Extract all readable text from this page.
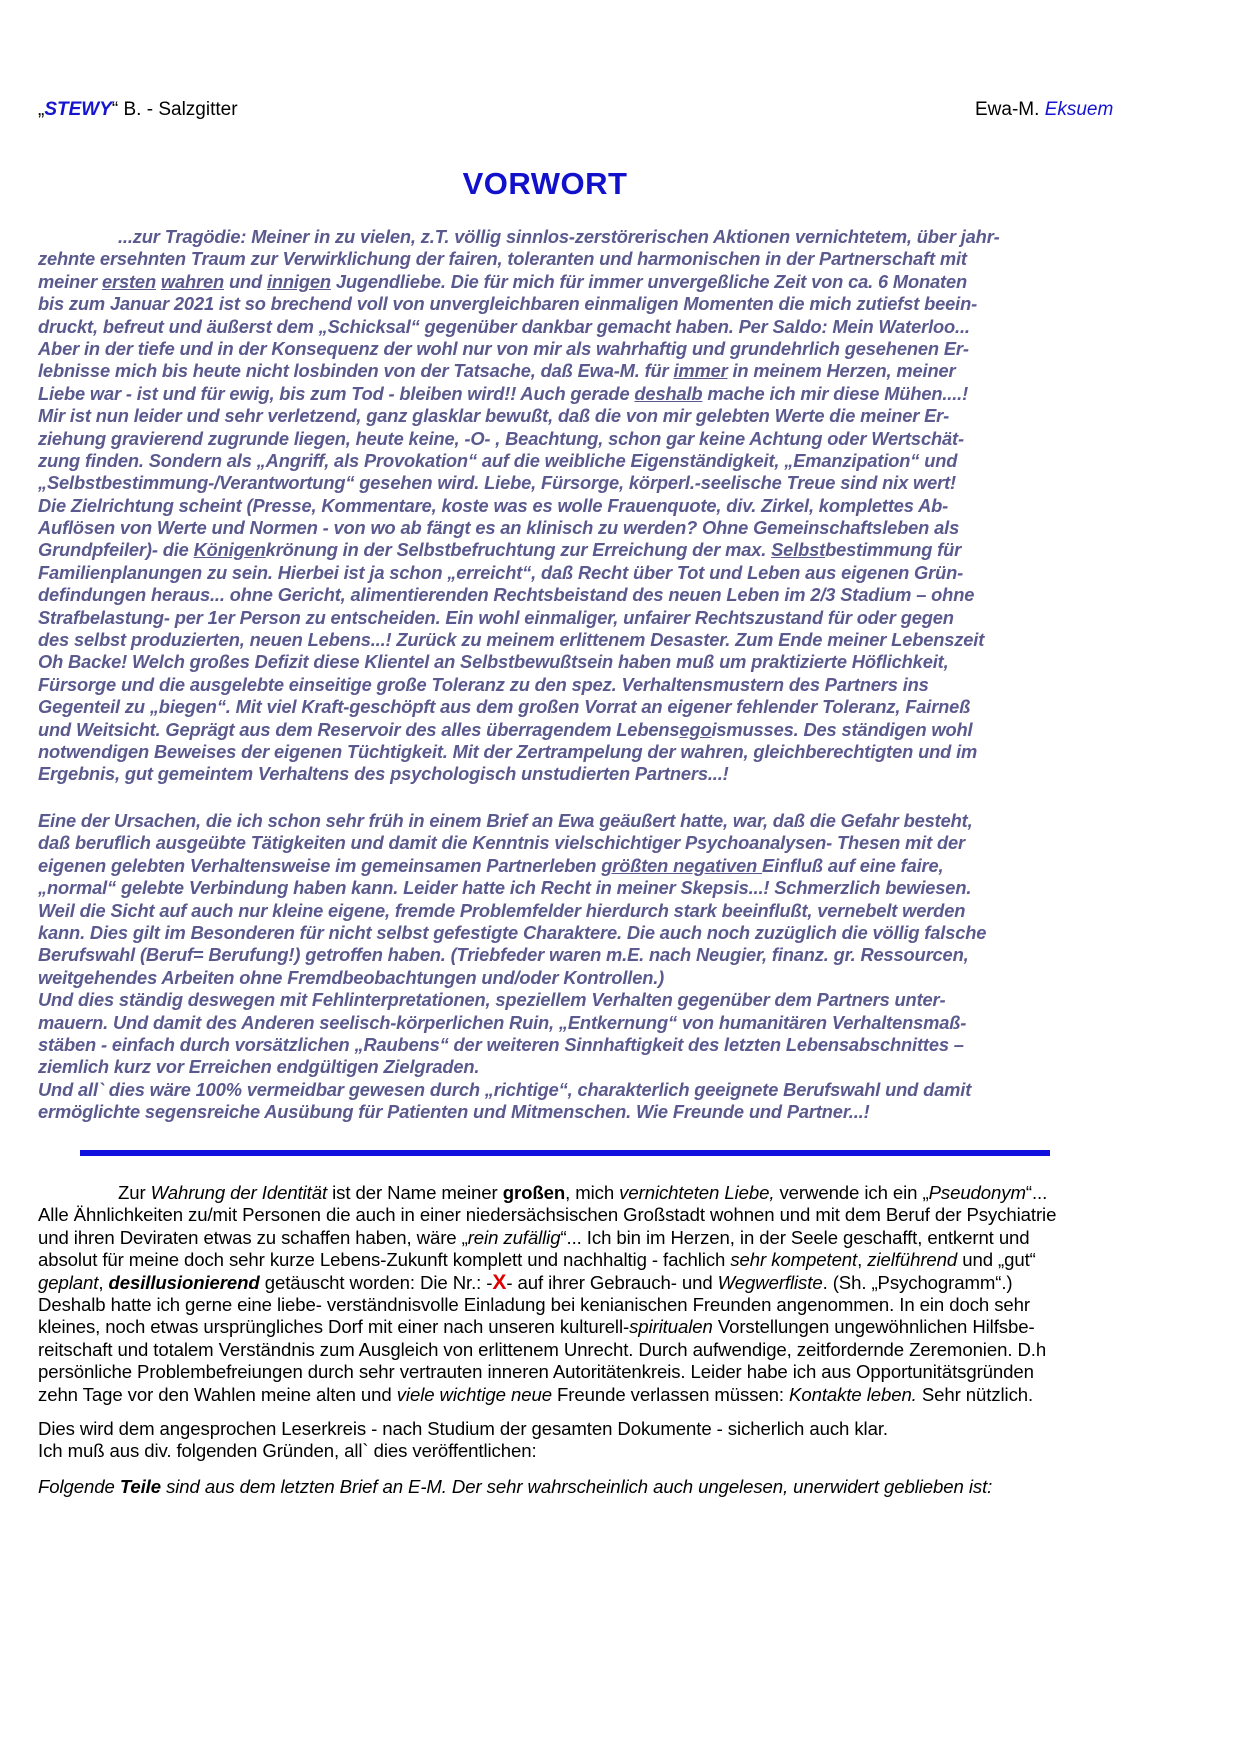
„STEWY“ B. - Salzgitter	Ewa-M. Eksuem
VORWORT
...zur Tragödie: Meiner in zu vielen, z.T. völlig sinnlos-zerstörerischen Aktionen vernichtetem, über jahr-
zehnte ersehnten Traum zur Verwirklichung der fairen, toleranten und harmonischen in der Partnerschaft mit
meiner ersten wahren und innigen Jugendliebe. Die für mich für immer unvergeßliche Zeit von ca. 6 Monaten
bis zum Januar 2021 ist so brechend voll von unvergleichbaren einmaligen Momenten die mich zutiefst beein-
druckt, befreut und äußerst dem „Schicksal“ gegenüber dankbar gemacht haben. Per Saldo: Mein Waterloo...
Aber in der tiefe und in der Konsequenz der wohl nur von mir als wahrhaftig und grundehrlich gesehenen Er-
lebnisse mich bis heute nicht losbinden von der Tatsache, daß Ewa-M. für immer in meinem Herzen, meiner
Liebe war - ist und für ewig, bis zum Tod - bleiben wird!! Auch gerade deshalb mache ich mir diese Mühen....!
Mir ist nun leider und sehr verletzend, ganz glasklar bewußt, daß die von mir gelebten Werte die meiner Er-
ziehung gravierend zugrunde liegen, heute keine, -O- , Beachtung, schon gar keine Achtung oder Wertschät-
zung finden. Sondern als „Angriff, als Provokation“ auf die weibliche Eigenständigkeit, „Emanzipation“ und
„Selbstbestimmung-/Verantwortung“ gesehen wird. Liebe, Fürsorge, körperl.-seelische Treue sind nix wert!
Die Zielrichtung scheint (Presse, Kommentare, koste was es wolle Frauenquote, div. Zirkel, komplettes Ab-
Auflösen von Werte und Normen - von wo ab fängt es an klinisch zu werden? Ohne Gemeinschaftsleben als
Grundpfeiler)- die Königenkrönung in der Selbstbefruchtung zur Erreichung der max. Selbstbestimmung für
Familienplanungen zu sein. Hierbei ist ja schon „erreicht“, daß Recht über Tot und Leben aus eigenen Grün-
defindungen heraus... ohne Gericht, alimentierenden Rechtsbeistand des neuen Leben im 2/3 Stadium – ohne
Strafbelastung- per 1er Person zu entscheiden. Ein wohl einmaliger, unfairer Rechtszustand für oder gegen
des selbst produzierten, neuen Lebens...! Zurück zu meinem erlittenem Desaster. Zum Ende meiner Lebenszeit
Oh Backe! Welch großes Defizit diese Klientel an Selbstbewußtsein haben muß um praktizierte Höflichkeit,
Fürsorge und die ausgelebte einseitige große Toleranz zu den spez. Verhaltensmustern des Partners ins
Gegenteil zu „biegen“. Mit viel Kraft-geschöpft aus dem großen Vorrat an eigener fehlender Toleranz, Fairneß
und Weitsicht. Geprägt aus dem Reservoir des alles überragendem Lebensegoismusses. Des ständigen wohl
notwendigen Beweises der eigenen Tüchtigkeit. Mit der Zertrampelung der wahren, gleichberechtigten und im
Ergebnis, gut gemeintem Verhaltens des psychologisch unstudierten Partners...!
Eine der Ursachen, die ich schon sehr früh in einem Brief an Ewa geäußert hatte, war, daß die Gefahr besteht,
daß beruflich ausgeübte Tätigkeiten und damit die Kenntnis vielschichtiger Psychoanalysen- Thesen mit der
eigenen gelebten Verhaltensweise im gemeinsamen Partnerleben größten negativen Einfluß auf eine faire,
„normal“ gelebte Verbindung haben kann. Leider hatte ich Recht in meiner Skepsis...! Schmerzlich bewiesen.
Weil die Sicht auf auch nur kleine eigene, fremde Problemfelder hierdurch stark beeinflußt, vernebelt werden
kann. Dies gilt im Besonderen für nicht selbst gefestigte Charaktere. Die auch noch zuzüglich die völlig falsche
Berufswahl (Beruf= Berufung!) getroffen haben. (Triebfeder waren m.E. nach Neugier, finanz. gr. Ressourcen,
weitgehendes Arbeiten ohne Fremdbeobachtungen und/oder Kontrollen.)
Und dies ständig deswegen mit Fehlinterpretationen, speziellem Verhalten gegenüber dem Partners unter-
mauern. Und damit des Anderen seelisch-körperlichen Ruin, „Entkernung“ von humanitären Verhaltensmaß-
stäben - einfach durch vorsätzlichen „Raubens“ der weiteren Sinnhaftigkeit des letzten Lebensabschnittes –
ziemlich kurz vor Erreichen endgültigen Zielgraden.
Und all` dies wäre 100% vermeidbar gewesen durch „richtige“, charakterlich geeignete Berufswahl und damit
ermöglichte segensreiche Ausübung für Patienten und Mitmenschen. Wie Freunde und Partner...!
Zur Wahrung der Identität ist der Name meiner großen, mich vernichteten Liebe, verwende ich ein „Pseudonym“...
Alle Ähnlichkeiten zu/mit Personen die auch in einer niedersächsischen Großstadt wohnen und mit dem Beruf der Psychiatrie
und ihren Deviraten etwas zu schaffen haben, wäre „rein zufällig“... Ich bin im Herzen, in der Seele geschafft, entkernt und
absolut für meine doch sehr kurze Lebens-Zukunft komplett und nachhaltig - fachlich sehr kompetent, zielführend und „gut“
geplant, desillusionierend getäuscht worden: Die Nr.: -X- auf ihrer Gebrauch- und Wegwerfliste. (Sh. „Psychogramm“.)
Deshalb hatte ich gerne eine liebe- verständnisvolle Einladung bei kenianischen Freunden angenommen. In ein doch sehr
kleines, noch etwas ursprüngliches Dorf mit einer nach unseren kulturell-spiritualen Vorstellungen ungewöhnlichen Hilfsbe-
reitschaft und totalem Verständnis zum Ausgleich von erlittenem Unrecht. Durch aufwendige, zeitfordernde Zeremonien. D.h
persönliche Problembefreiungen durch sehr vertrauten inneren Autoritätenkreis. Leider habe ich aus Opportunitätsgründen
zehn Tage vor den Wahlen meine alten und viele wichtige neue Freunde verlassen müssen: Kontakte leben. Sehr nützlich.
Dies wird dem angesprochen Leserkreis - nach Studium der gesamten Dokumente - sicherlich auch klar.
Ich muß aus div. folgenden Gründen, all` dies veröffentlichen:
Folgende Teile sind aus dem letzten Brief an E-M. Der sehr wahrscheinlich auch ungelesen, unerwidert geblieben ist:
